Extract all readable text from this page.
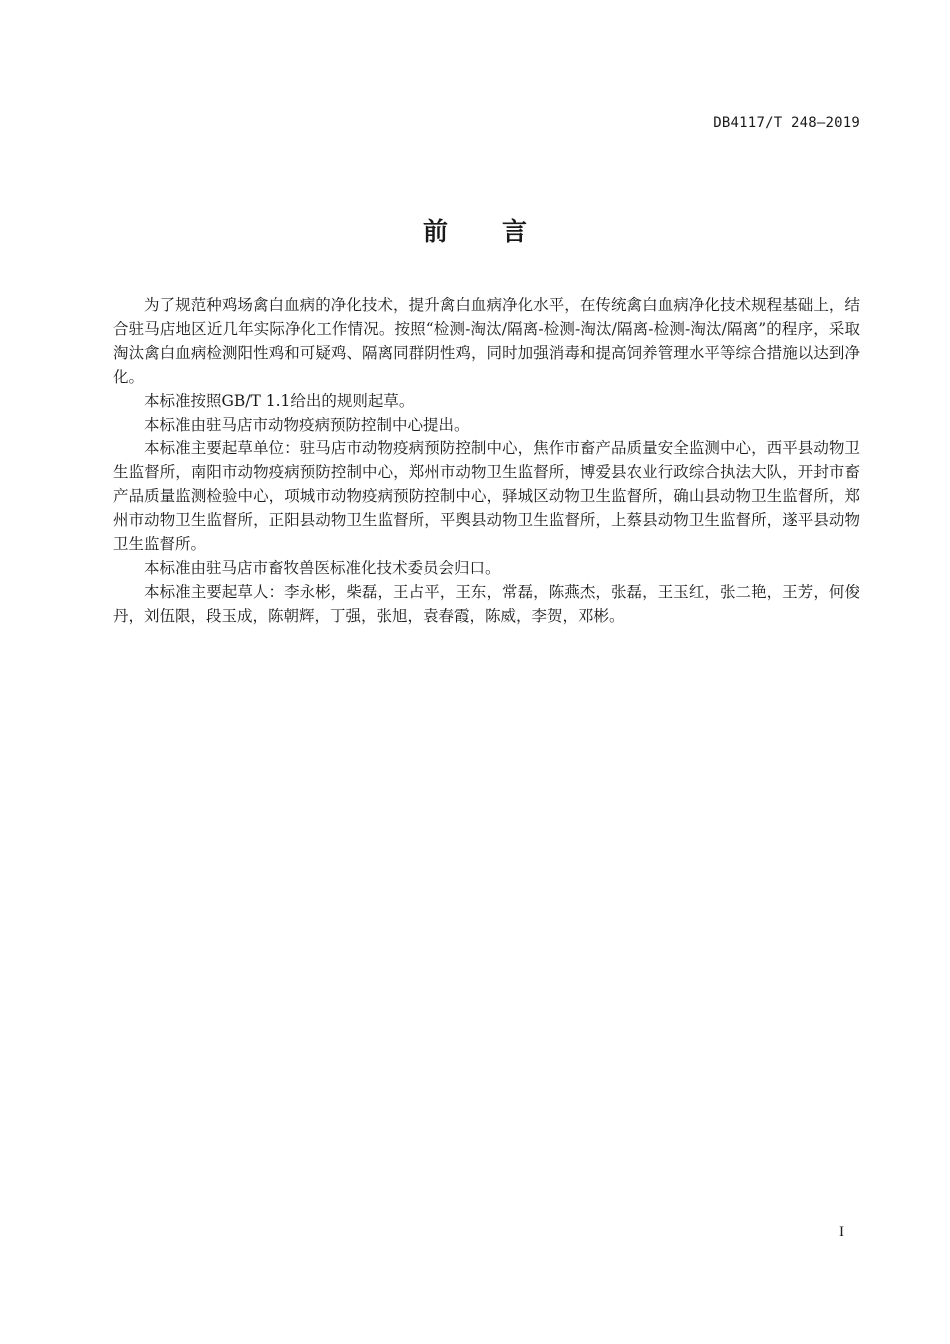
DB4117/T 248—2019
前言

为了规范种鸡场禽白血病的净化技术，提升禽白血病净化水平，在传统禽白血病净化技术规程基础上，结合驻马店地区近几年实际净化工作情况。按照“检测-淘汰/隔离-检测-淘汰/隔离-检测-淘汰/隔离”的程序，采取淘汰禽白血病检测阳性鸡和可疑鸡、隔离同群阴性鸡，同时加强消毒和提高饲养管理水平等综合措施以达到净化。

本标准按照GB/T 1.1给出的规则起草。

本标准由驻马店市动物疫病预防控制中心提出。

本标准主要起草单位：驻马店市动物疫病预防控制中心，焦作市畜产品质量安全监测中心，西平县动物卫生监督所，南阳市动物疫病预防控制中心，郑州市动物卫生监督所，博爱县农业行政综合执法大队，开封市畜产品质量监测检验中心，项城市动物疫病预防控制中心，驿城区动物卫生监督所，确山县动物卫生监督所，郑州市动物卫生监督所，正阳县动物卫生监督所，平舆县动物卫生监督所，上蔡县动物卫生监督所，遂平县动物卫生监督所。

本标准由驻马店市畜牧兽医标准化技术委员会归口。

本标准主要起草人：李永彬，柴磊，王占平，王东，常磊，陈燕杰，张磊，王玉红，张二艳，王芳，何俊丹，刘伍限，段玉成，陈朝辉，丁强，张旭，袁春霞，陈威，李贺，邓彬。

I
